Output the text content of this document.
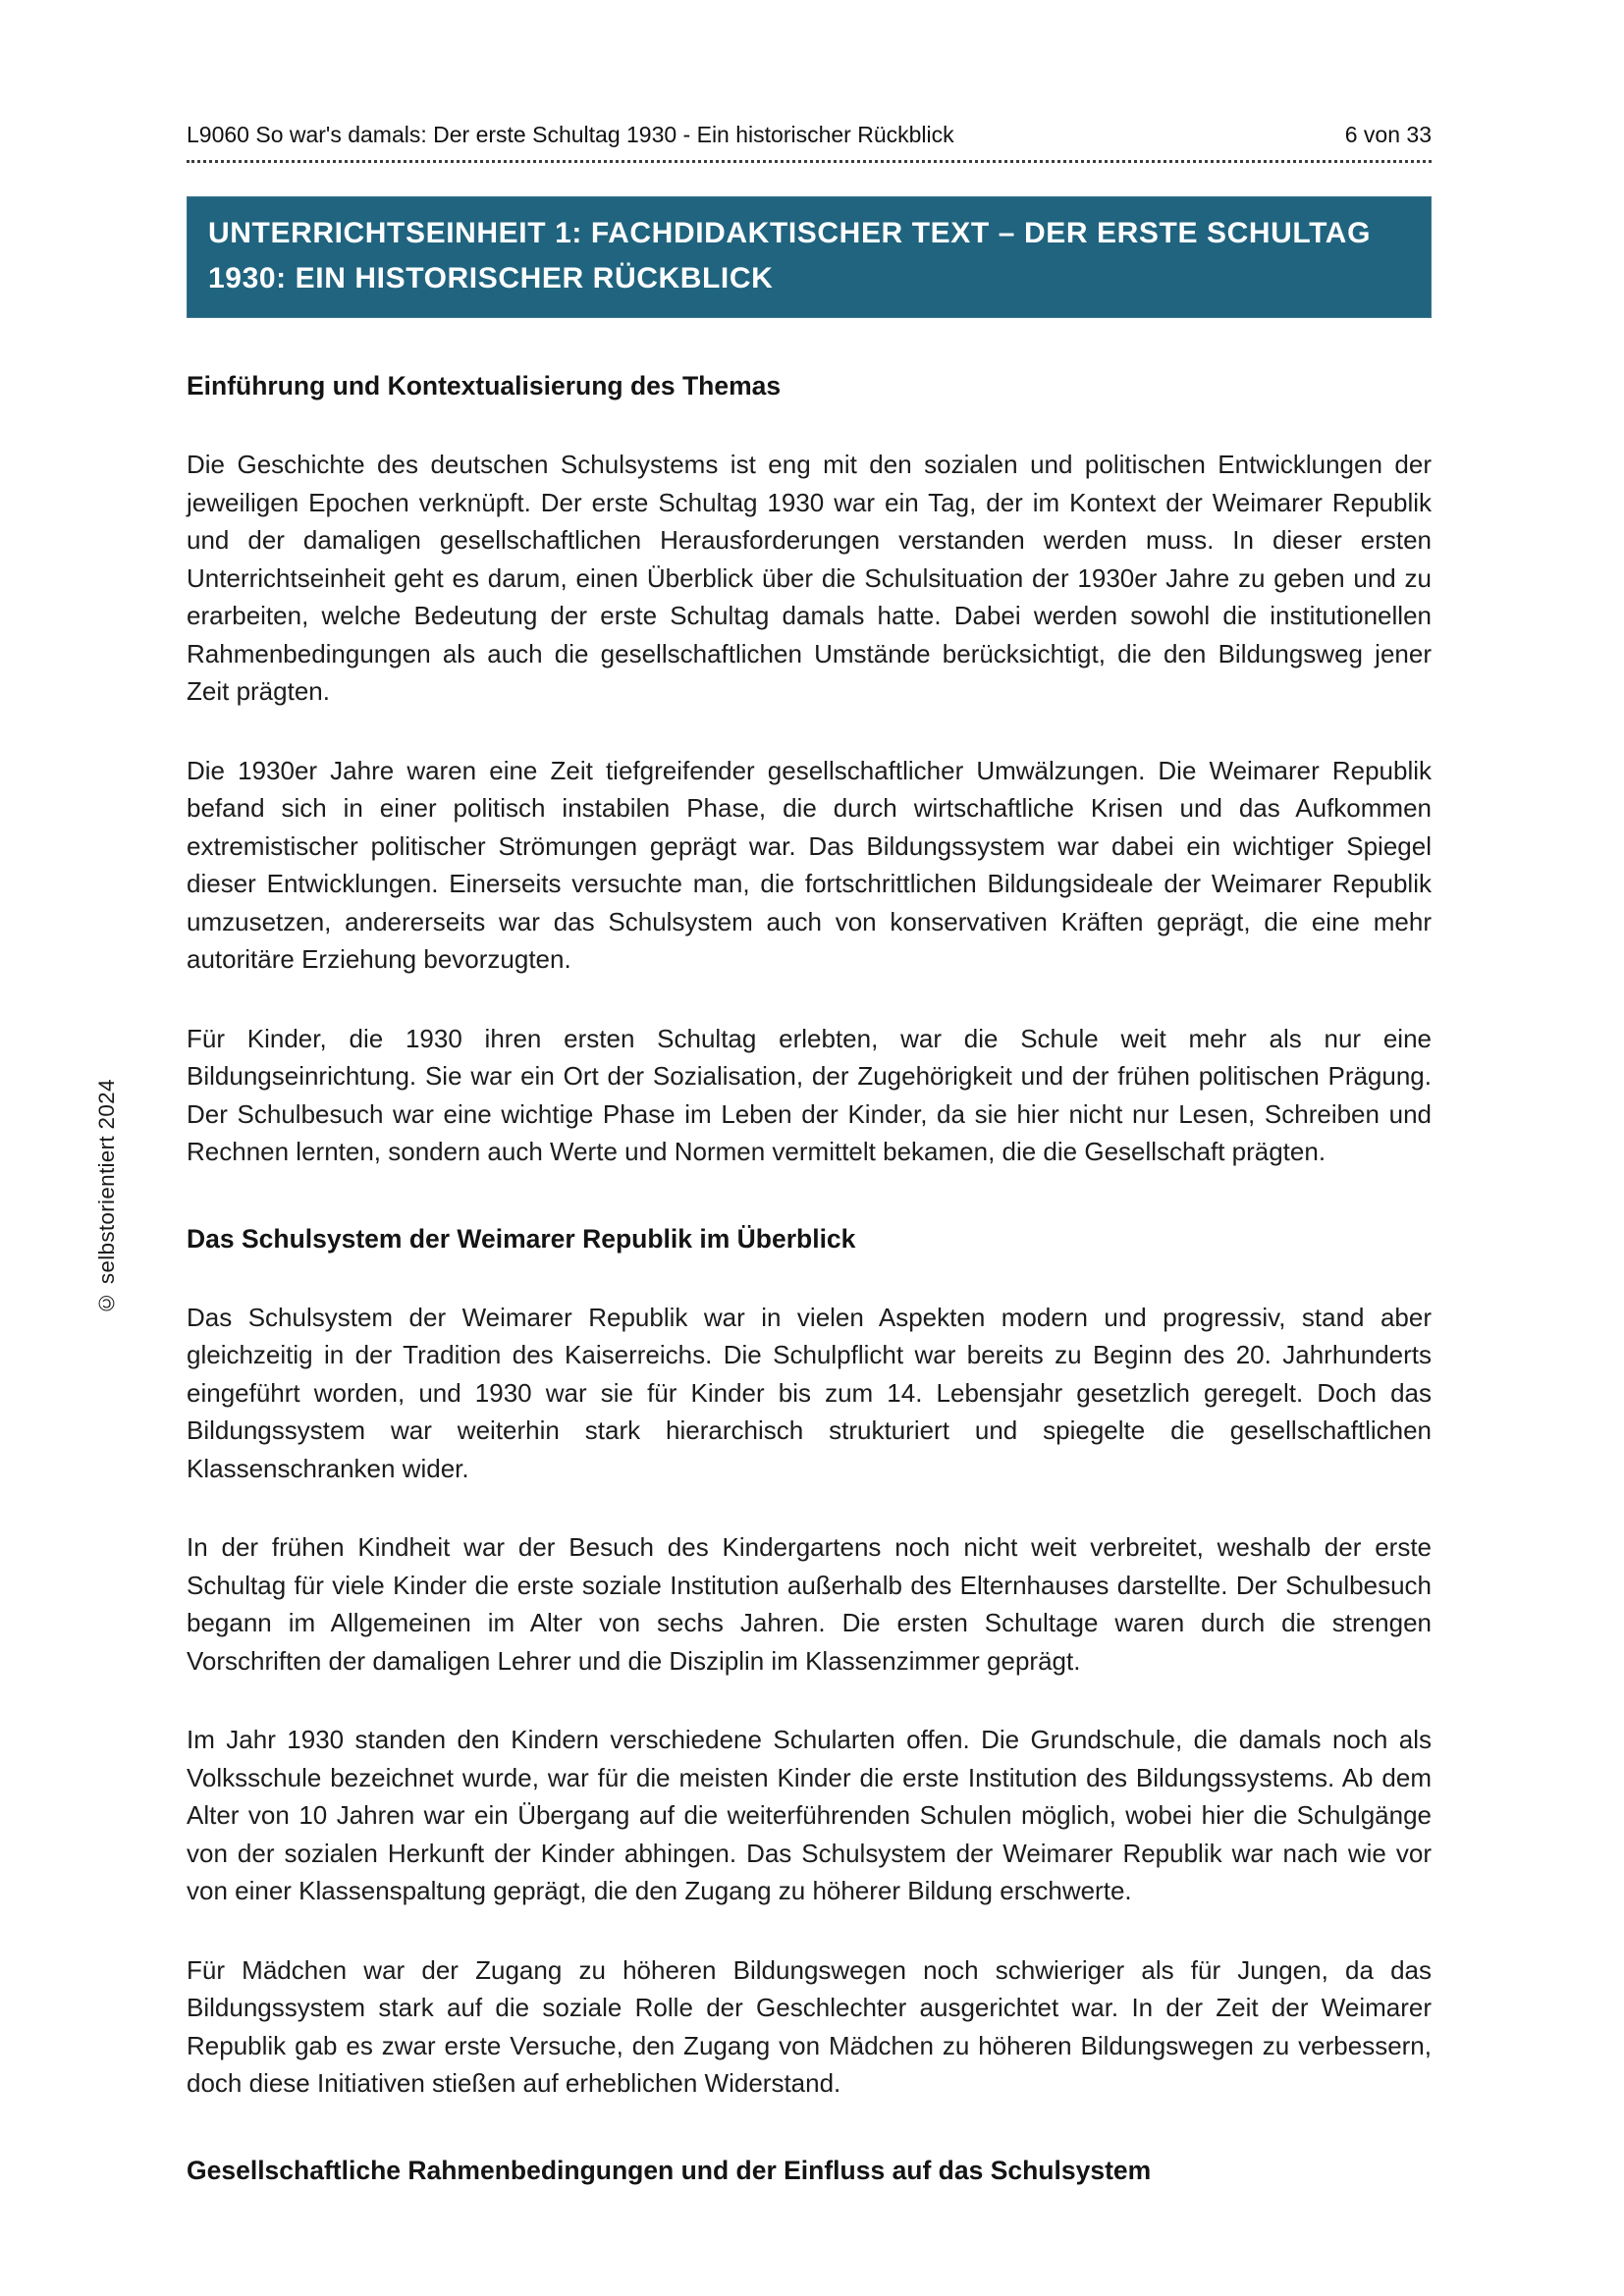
L9060 So war's damals: Der erste Schultag 1930 - Ein historischer Rückblick	6 von 33
UNTERRICHTSEINHEIT 1: FACHDIDAKTISCHER TEXT – DER ERSTE SCHULTAG 1930: EIN HISTORISCHER RÜCKBLICK
Einführung und Kontextualisierung des Themas

Die Geschichte des deutschen Schulsystems ist eng mit den sozialen und politischen Entwicklungen der jeweiligen Epochen verknüpft. Der erste Schultag 1930 war ein Tag, der im Kontext der Weimarer Republik und der damaligen gesellschaftlichen Herausforderungen verstanden werden muss. In dieser ersten Unterrichtseinheit geht es darum, einen Überblick über die Schulsituation der 1930er Jahre zu geben und zu erarbeiten, welche Bedeutung der erste Schultag damals hatte. Dabei werden sowohl die institutionellen Rahmenbedingungen als auch die gesellschaftlichen Umstände berücksichtigt, die den Bildungsweg jener Zeit prägten.

Die 1930er Jahre waren eine Zeit tiefgreifender gesellschaftlicher Umwälzungen. Die Weimarer Republik befand sich in einer politisch instabilen Phase, die durch wirtschaftliche Krisen und das Aufkommen extremistischer politischer Strömungen geprägt war. Das Bildungssystem war dabei ein wichtiger Spiegel dieser Entwicklungen. Einerseits versuchte man, die fortschrittlichen Bildungsideale der Weimarer Republik umzusetzen, andererseits war das Schulsystem auch von konservativen Kräften geprägt, die eine mehr autoritäre Erziehung bevorzugten.

Für Kinder, die 1930 ihren ersten Schultag erlebten, war die Schule weit mehr als nur eine Bildungseinrichtung. Sie war ein Ort der Sozialisation, der Zugehörigkeit und der frühen politischen Prägung. Der Schulbesuch war eine wichtige Phase im Leben der Kinder, da sie hier nicht nur Lesen, Schreiben und Rechnen lernten, sondern auch Werte und Normen vermittelt bekamen, die die Gesellschaft prägten.

Das Schulsystem der Weimarer Republik im Überblick

Das Schulsystem der Weimarer Republik war in vielen Aspekten modern und progressiv, stand aber gleichzeitig in der Tradition des Kaiserreichs. Die Schulpflicht war bereits zu Beginn des 20. Jahrhunderts eingeführt worden, und 1930 war sie für Kinder bis zum 14. Lebensjahr gesetzlich geregelt. Doch das Bildungssystem war weiterhin stark hierarchisch strukturiert und spiegelte die gesellschaftlichen Klassenschranken wider.

In der frühen Kindheit war der Besuch des Kindergartens noch nicht weit verbreitet, weshalb der erste Schultag für viele Kinder die erste soziale Institution außerhalb des Elternhauses darstellte. Der Schulbesuch begann im Allgemeinen im Alter von sechs Jahren. Die ersten Schultage waren durch die strengen Vorschriften der damaligen Lehrer und die Disziplin im Klassenzimmer geprägt.

Im Jahr 1930 standen den Kindern verschiedene Schularten offen. Die Grundschule, die damals noch als Volksschule bezeichnet wurde, war für die meisten Kinder die erste Institution des Bildungssystems. Ab dem Alter von 10 Jahren war ein Übergang auf die weiterführenden Schulen möglich, wobei hier die Schulgänge von der sozialen Herkunft der Kinder abhingen. Das Schulsystem der Weimarer Republik war nach wie vor von einer Klassenspaltung geprägt, die den Zugang zu höherer Bildung erschwerte.

Für Mädchen war der Zugang zu höheren Bildungswegen noch schwieriger als für Jungen, da das Bildungssystem stark auf die soziale Rolle der Geschlechter ausgerichtet war. In der Zeit der Weimarer Republik gab es zwar erste Versuche, den Zugang von Mädchen zu höheren Bildungswegen zu verbessern, doch diese Initiativen stießen auf erheblichen Widerstand.

Gesellschaftliche Rahmenbedingungen und der Einfluss auf das Schulsystem
© selbstorientiert 2024
